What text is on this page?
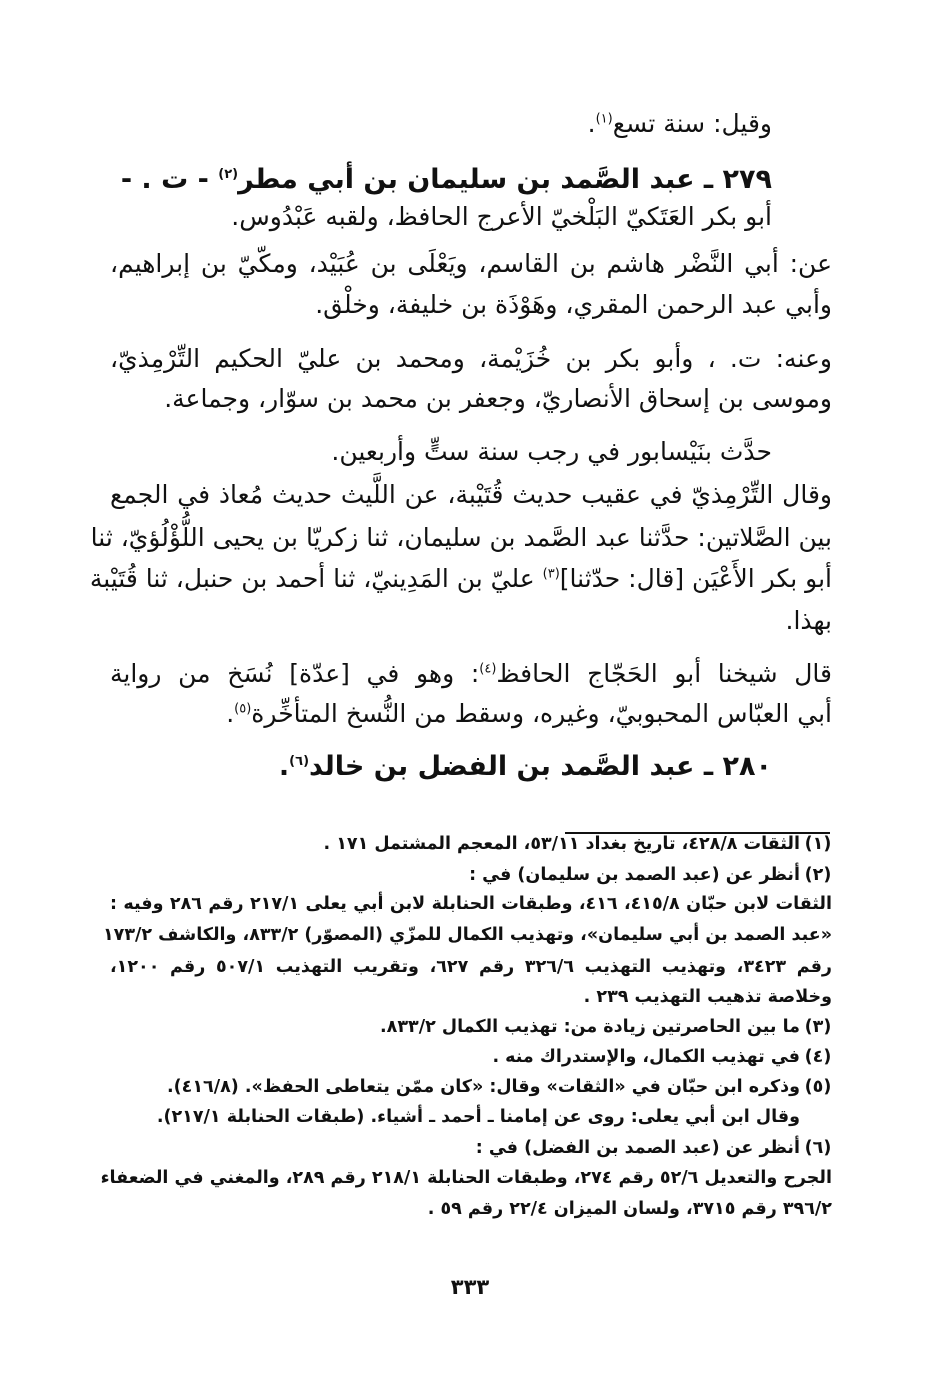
وقيل: سنة تسع$^{(١)}$.
٢٧٩ ـ عبد الصَّمد بن سليمان بن أبي مطر$^{(٢)}$ - ت . -
أبو بكر العَتَكيّ البَلْخيّ الأعرج الحافظ، ولقبه عَبْدُوس.
عن: أبي النَّضْر هاشم بن القاسم، ويَعْلَى بن عُبَيْد، ومكّيّ بن إبراهيم،
وأبي عبد الرحمن المقري، وهَوْذَة بن خليفة، وخلْق.
وعنه: ت. ، وأبو بكر بن خُزَيْمة، ومحمد بن عليّ الحكيم التِّرْمِذيّ،
وموسى بن إسحاق الأنصاريّ، وجعفر بن محمد بن سوّار، وجماعة.
حدَّث بنَيْسابور في رجب سنة ستٍّ وأربعين.
وقال التِّرْمِذيّ في عقيب حديث قُتَيْبة، عن اللَّيث حديث مُعاذ في الجمع
بين الصَّلاتين: حدَّثنا عبد الصَّمد بن سليمان، ثنا زكريّا بن يحيى اللُّؤْلُؤيّ، ثنا
أبو بكر الأَعْيَن [قال: حدّثنا]$^{(٣)}$ عليّ بن المَدِينيّ، ثنا أحمد بن حنبل، ثنا قُتَيْبة
بهذا.
قال شيخنا أبو الحَجّاج الحافظ$^{(٤)}$: وهو في [عدّة] نُسَخ من رواية
أبي العبّاس المحبوبيّ، وغيره، وسقط من النُّسخ المتأخِّرة$^{(٥)}$.
٢٨٠ ـ عبد الصَّمد بن الفضل بن خالد$^{(٦)}$.
(١)
الثقات ٤٢٨/٨، تاريخ بغداد ٥٣/١١، المعجم المشتمل ١٧١ .
(٢)
أنظر عن (عبد الصمد بن سليمان) في :
الثقات لابن حبّان ٤١٥/٨، ٤١٦، وطبقات الحنابلة لابن أبي يعلى ٢١٧/١ رقم ٢٨٦ وفيه :
«عبد الصمد بن أبي سليمان»، وتهذيب الكمال للمزّي (المصوّر) ٨٣٣/٢، والكاشف ١٧٣/٢
رقم ٣٤٢٣، وتهذيب التهذيب ٣٢٦/٦ رقم ٦٢٧، وتقريب التهذيب ٥٠٧/١ رقم ١٢٠٠،
وخلاصة تذهيب التهذيب ٢٣٩ .
(٣)
ما بين الحاصرتين زيادة من: تهذيب الكمال ٨٣٣/٢.
(٤)
في تهذيب الكمال، والإستدراك منه .
(٥)
وذكره ابن حبّان في «الثقات» وقال: «كان ممّن يتعاطى الحفظ». (٤١٦/٨).
وقال ابن أبي يعلى: روى عن إمامنا ـ أحمد ـ أشياء. (طبقات الحنابلة ٢١٧/١).
(٦)
أنظر عن (عبد الصمد بن الفضل) في :
الجرح والتعديل ٥٢/٦ رقم ٢٧٤، وطبقات الحنابلة ٢١٨/١ رقم ٢٨٩، والمغني في الضعفاء
٣٩٦/٢ رقم ٣٧١٥، ولسان الميزان ٢٢/٤ رقم ٥٩ .
٣٣٣
